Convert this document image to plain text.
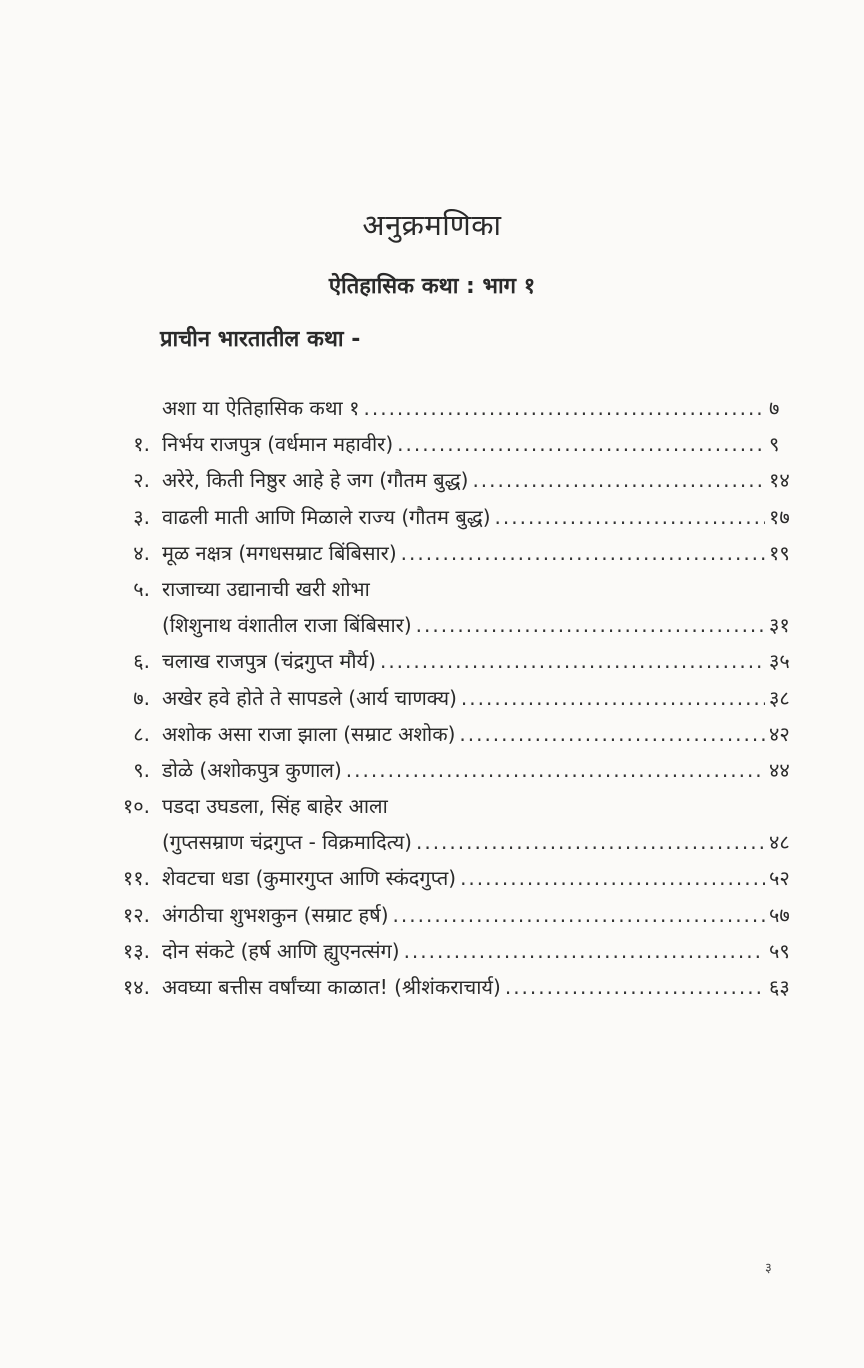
अनुक्रमणिका
ऐतिहासिक कथा : भाग १
प्राचीन भारतातील कथा -
अशा या ऐतिहासिक कथा १ .....	७
१. निर्भय राजपुत्र (वर्धमान महावीर) .....	९
२. अरेरे, किती निष्ठुर आहे हे जग (गौतम बुद्ध) .....	१४
३. वाढली माती आणि मिळाले राज्य (गौतम बुद्ध) .....	१७
४. मूळ नक्षत्र (मगधसम्राट बिंबिसार) .....	१९
५. राजाच्या उद्यानाची खरी शोभा
(शिशुनाथ वंशातील राजा बिंबिसार) .....	३१
६. चलाख राजपुत्र (चंद्रगुप्त मौर्य) .....	३५
७. अखेर हवे होते ते सापडले (आर्य चाणक्य) .....	३८
८. अशोक असा राजा झाला (सम्राट अशोक) .....	४२
९. डोळे (अशोकपुत्र कुणाल) .....	४४
१०. पडदा उघडला, सिंह बाहेर आला
(गुप्तसम्राण चंद्रगुप्त - विक्रमादित्य) .....	४८
११. शेवटचा धडा (कुमारगुप्त आणि स्कंदगुप्त) .....	५२
१२. अंगठीचा शुभशकुन (सम्राट हर्ष) .....	५७
१३. दोन संकटे (हर्ष आणि ह्युएनत्संग) .....	५९
१४. अवघ्या बत्तीस वर्षांच्या काळात! (श्रीशंकराचार्य) .....	६३
३
